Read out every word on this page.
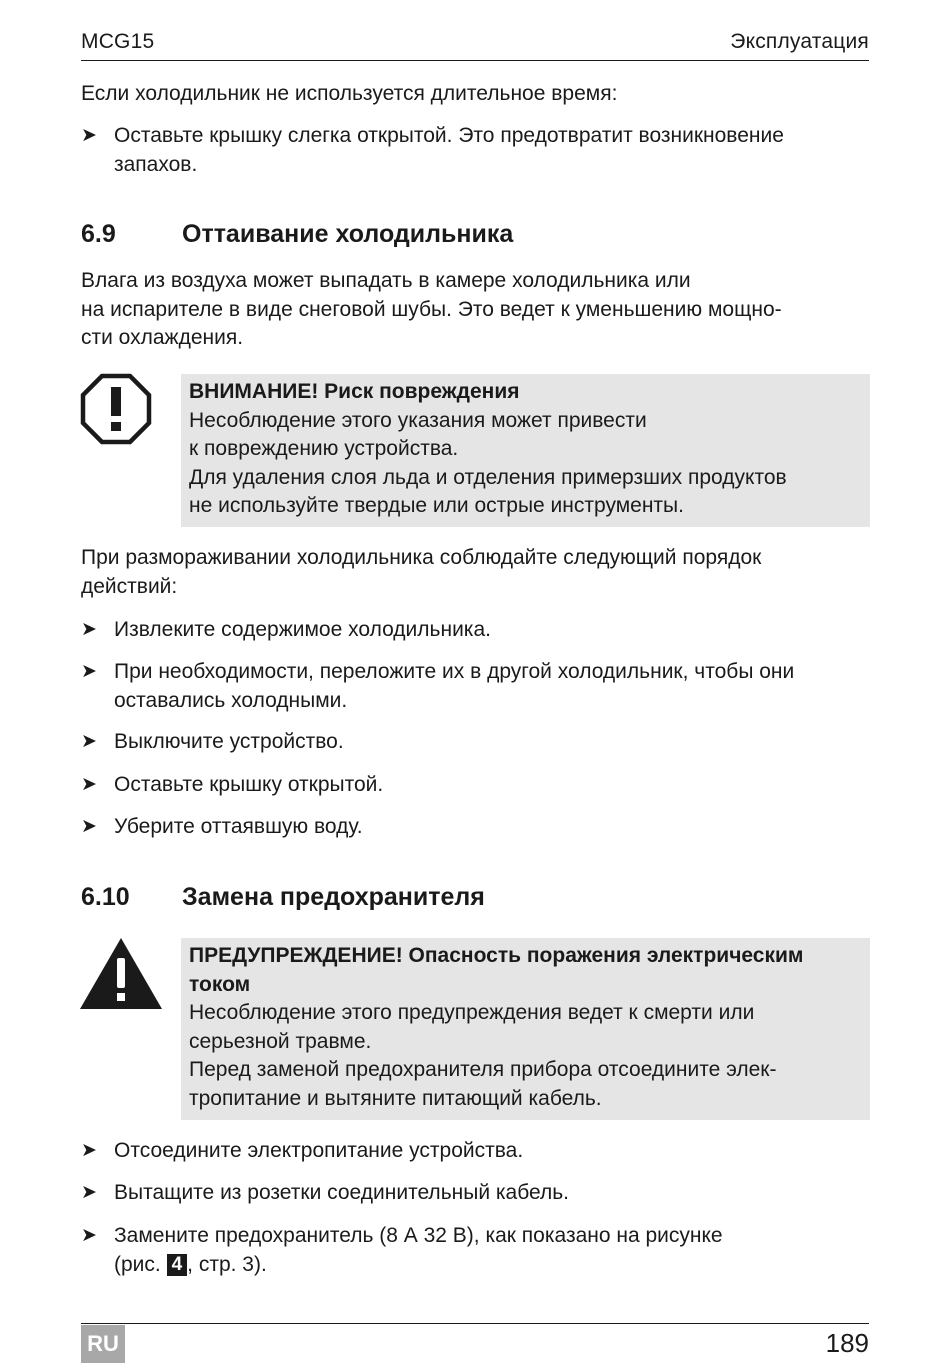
MCG15	Эксплуатация
Если холодильник не используется длительное время:
➤ Оставьте крышку слегка открытой. Это предотвратит возникновение
запахов.
6.9	Оттаивание холодильника
Влага из воздуха может выпадать в камере холодильника или
на испарителе в виде снеговой шубы. Это ведет к уменьшению мощно-
сти охлаждения.
ВНИМАНИЕ! Риск повреждения
Несоблюдение этого указания может привести
к повреждению устройства.
Для удаления слоя льда и отделения примерзших продуктов
не используйте твердые или острые инструменты.
При размораживании холодильника соблюдайте следующий порядок
действий:
➤ Извлеките содержимое холодильника.
➤ При необходимости, переложите их в другой холодильник, чтобы они
оставались холодными.
➤ Выключите устройство.
➤ Оставьте крышку открытой.
➤ Уберите оттаявшую воду.
6.10	Замена предохранителя
ПРЕДУПРЕЖДЕНИЕ! Опасность поражения электрическим
током
Несоблюдение этого предупреждения ведет к смерти или
серьезной травме.
Перед заменой предохранителя прибора отсоедините элек-
тропитание и вытяните питающий кабель.
➤ Отсоедините электропитание устройства.
➤ Вытащите из розетки соединительный кабель.
➤ Замените предохранитель (8 А 32 В), как показано на рисунке
(рис. 4 , стр. 3).
RU	189
